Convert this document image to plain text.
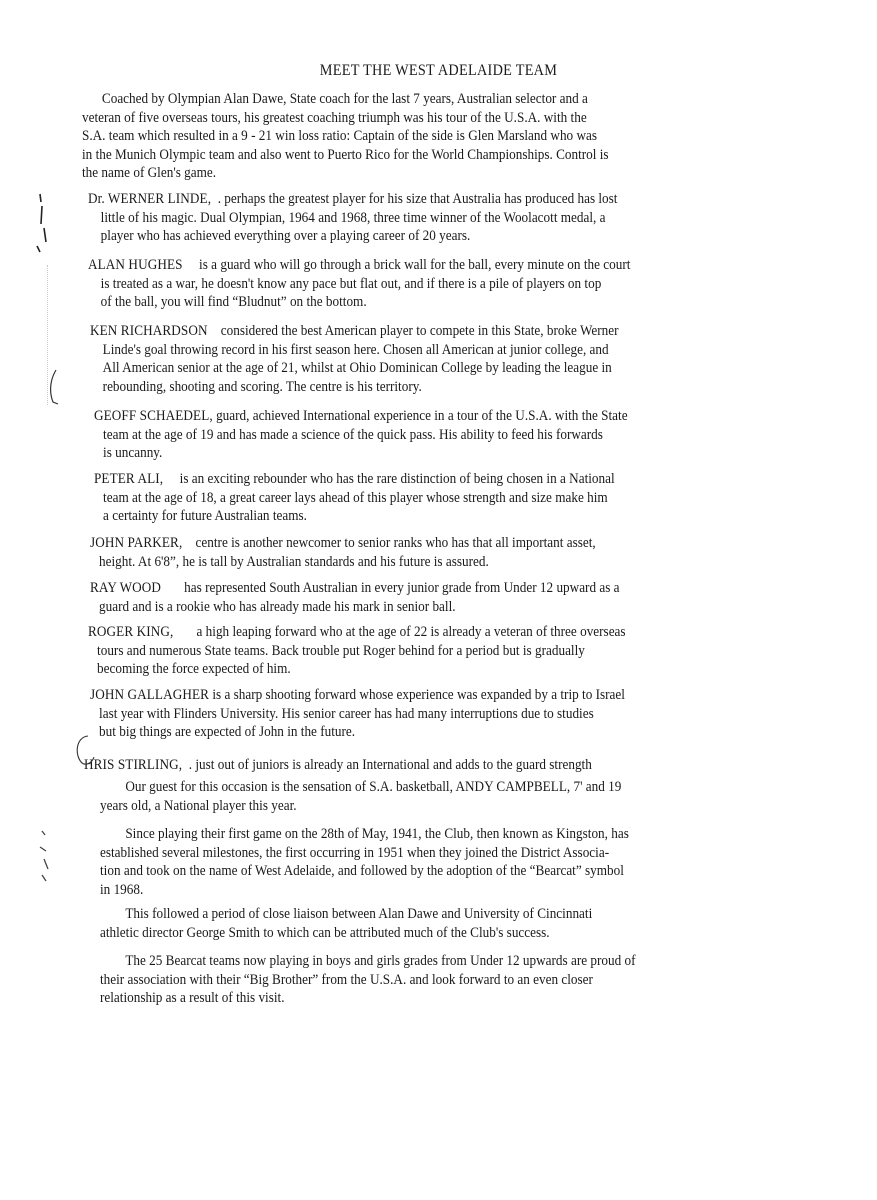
MEET THE WEST ADELAIDE TEAM
Coached by Olympian Alan Dawe, State coach for the last 7 years, Australian selector and a
veteran of five overseas tours, his greatest coaching triumph was his tour of the U.S.A. with the
S.A. team which resulted in a 9 - 21 win loss ratio: Captain of the side is Glen Marsland who was
in the Munich Olympic team and also went to Puerto Rico for the World Championships. Control is
the name of Glen's game.
Dr. WERNER LINDE, . perhaps the greatest player for his size that Australia has produced has lost
little of his magic. Dual Olympian, 1964 and 1968, three time winner of the Woolacott medal, a
player who has achieved everything over a playing career of 20 years.
ALAN HUGHES is a guard who will go through a brick wall for the ball, every minute on the court
is treated as a war, he doesn't know any pace but flat out, and if there is a pile of players on top
of the ball, you will find “Bludnut” on the bottom.
KEN RICHARDSON considered the best American player to compete in this State, broke Werner
Linde's goal throwing record in his first season here. Chosen all American at junior college, and
All American senior at the age of 21, whilst at Ohio Dominican College by leading the league in
rebounding, shooting and scoring. The centre is his territory.
GEOFF SCHAEDEL, guard, achieved International experience in a tour of the U.S.A. with the State
team at the age of 19 and has made a science of the quick pass. His ability to feed his forwards
is uncanny.
PETER ALI, is an exciting rebounder who has the rare distinction of being chosen in a National
team at the age of 18, a great career lays ahead of this player whose strength and size make him
a certainty for future Australian teams.
JOHN PARKER, centre is another newcomer to senior ranks who has that all important asset,
height. At 6'8”, he is tall by Australian standards and his future is assured.
RAY WOOD has represented South Australian in every junior grade from Under 12 upward as a
guard and is a rookie who has already made his mark in senior ball.
ROGER KING, a high leaping forward who at the age of 22 is already a veteran of three overseas
tours and numerous State teams. Back trouble put Roger behind for a period but is gradually
becoming the force expected of him.
JOHN GALLAGHER is a sharp shooting forward whose experience was expanded by a trip to Israel
last year with Flinders University. His senior career has had many interruptions due to studies
but big things are expected of John in the future.
HRIS STIRLING, . just out of juniors is already an International and adds to the guard strength
Our guest for this occasion is the sensation of S.A. basketball, ANDY CAMPBELL, 7' and 19
years old, a National player this year.
Since playing their first game on the 28th of May, 1941, the Club, then known as Kingston, has
established several milestones, the first occurring in 1951 when they joined the District Associa-
tion and took on the name of West Adelaide, and followed by the adoption of the “Bearcat” symbol
in 1968.
This followed a period of close liaison between Alan Dawe and University of Cincinnati
athletic director George Smith to which can be attributed much of the Club's success.
The 25 Bearcat teams now playing in boys and girls grades from Under 12 upwards are proud of
their association with their “Big Brother” from the U.S.A. and look forward to an even closer
relationship as a result of this visit.
